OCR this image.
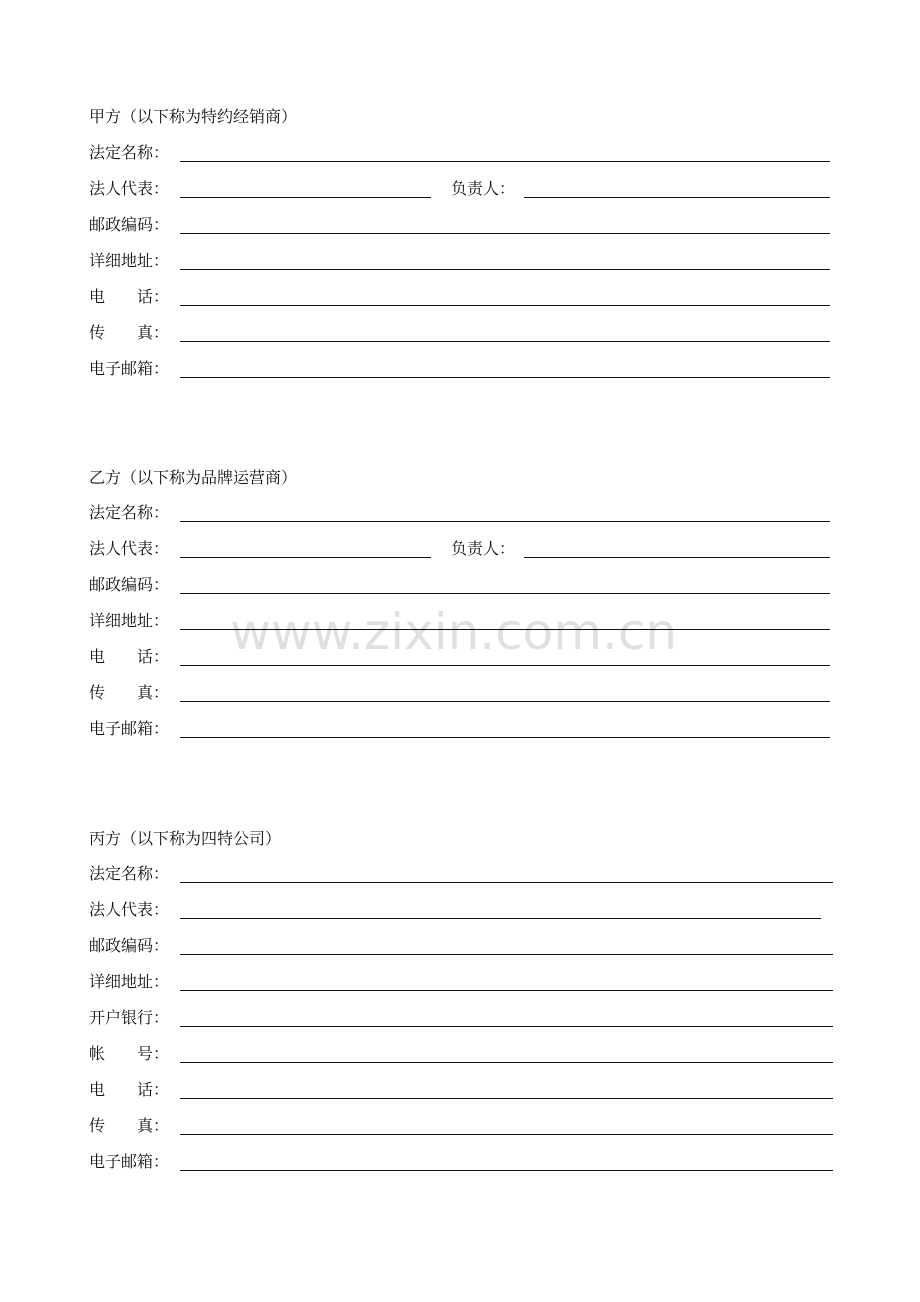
甲方（以下称为特约经销商）
法定名称：
法人代表：	负责人：
邮政编码：
详细地址：
电　　话：
传　　真：
电子邮箱：
乙方（以下称为品牌运营商）
法定名称：
法人代表：	负责人：
邮政编码：
详细地址：
电　　话：
传　　真：
电子邮箱：
丙方（以下称为四特公司）
法定名称：
法人代表：
邮政编码：
详细地址：
开户银行：
帐　　号：
电　　话：
传　　真：
电子邮箱：
www.zixin.com.cn
